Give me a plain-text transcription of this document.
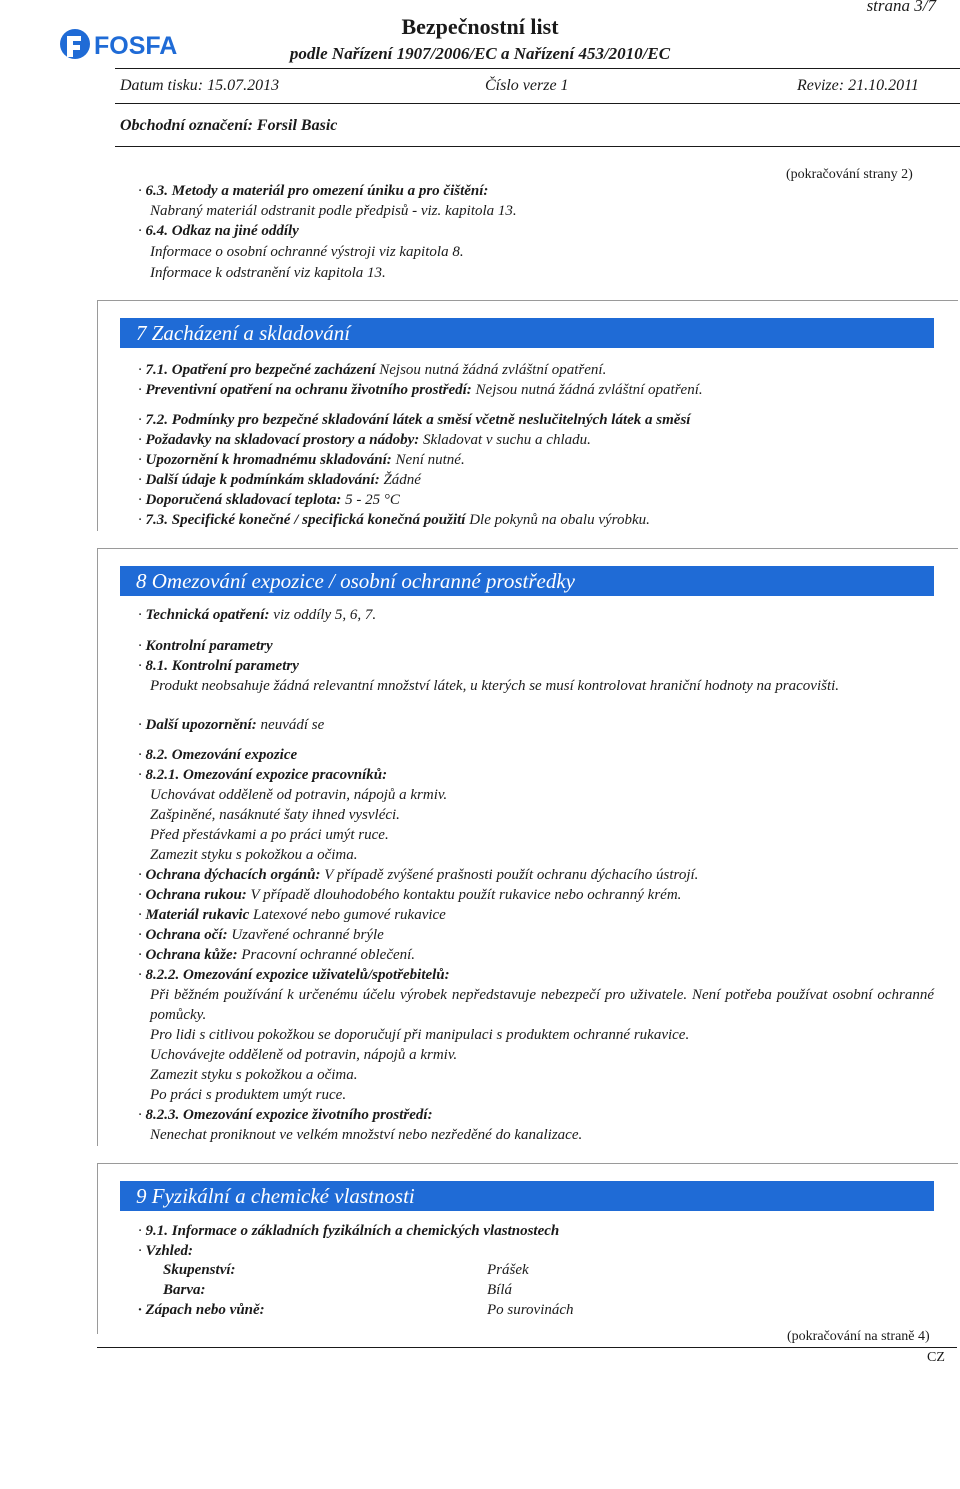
strana 3/7
FOSFA
Bezpečnostní list
podle Nařízení 1907/2006/EC a Nařízení 453/2010/EC
Datum tisku: 15.07.2013	Číslo verze 1	Revize: 21.10.2011
Obchodní označení: Forsil Basic
(pokračování strany 2)
· 6.3. Metody a materiál pro omezení úniku a pro čištění:
Nabraný materiál odstranit podle předpisů - viz. kapitola 13.
· 6.4. Odkaz na jiné oddíly
Informace o osobní ochranné výstroji viz kapitola 8.
Informace k odstranění viz kapitola 13.
7 Zacházení a skladování
· 7.1. Opatření pro bezpečné zacházení Nejsou nutná žádná zvláštní opatření.
· Preventivní opatření na ochranu životního prostředí: Nejsou nutná žádná zvláštní opatření.
· 7.2. Podmínky pro bezpečné skladování látek a směsí včetně neslučitelných látek a směsí
· Požadavky na skladovací prostory a nádoby: Skladovat v suchu a chladu.
· Upozornění k hromadnému skladování: Není nutné.
· Další údaje k podmínkám skladování: Žádné
· Doporučená skladovací teplota: 5 - 25 °C
· 7.3. Specifické konečné / specifická konečná použití Dle pokynů na obalu výrobku.
8 Omezování expozice / osobní ochranné prostředky
· Technická opatření: viz oddíly 5, 6, 7.
· Kontrolní parametry
· 8.1. Kontrolní parametry
Produkt neobsahuje žádná relevantní množství látek, u kterých se musí kontrolovat hraniční hodnoty na pracovišti.
· Další upozornění: neuvádí se
· 8.2. Omezování expozice
· 8.2.1. Omezování expozice pracovníků:
Uchovávat odděleně od potravin, nápojů a krmiv.
Zašpiněné, nasáknuté šaty ihned vysvléci.
Před přestávkami a po práci umýt ruce.
Zamezit styku s pokožkou a očima.
· Ochrana dýchacích orgánů: V případě zvýšené prašnosti použít ochranu dýchacího ústrojí.
· Ochrana rukou: V případě dlouhodobého kontaktu použít rukavice nebo ochranný krém.
· Materiál rukavic Latexové nebo gumové rukavice
· Ochrana očí: Uzavřené ochranné brýle
· Ochrana kůže: Pracovní ochranné oblečení.
· 8.2.2. Omezování expozice uživatelů/spotřebitelů:
Při běžném používání k určenému účelu výrobek nepředstavuje nebezpečí pro uživatele. Není potřeba používat osobní ochranné pomůcky.
Pro lidi s citlivou pokožkou se doporučují při manipulaci s produktem ochranné rukavice.
Uchovávejte odděleně od potravin, nápojů a krmiv.
Zamezit styku s pokožkou a očima.
Po práci s produktem umýt ruce.
· 8.2.3. Omezování expozice životního prostředí:
Nenechat proniknout ve velkém množství nebo nezředěné do kanalizace.
9 Fyzikální a chemické vlastnosti
· 9.1. Informace o základních fyzikálních a chemických vlastnostech
· Vzhled:
Skupenství:	Prášek
Barva:	Bílá
· Zápach nebo vůně:	Po surovinách
(pokračování na straně 4)
CZ
